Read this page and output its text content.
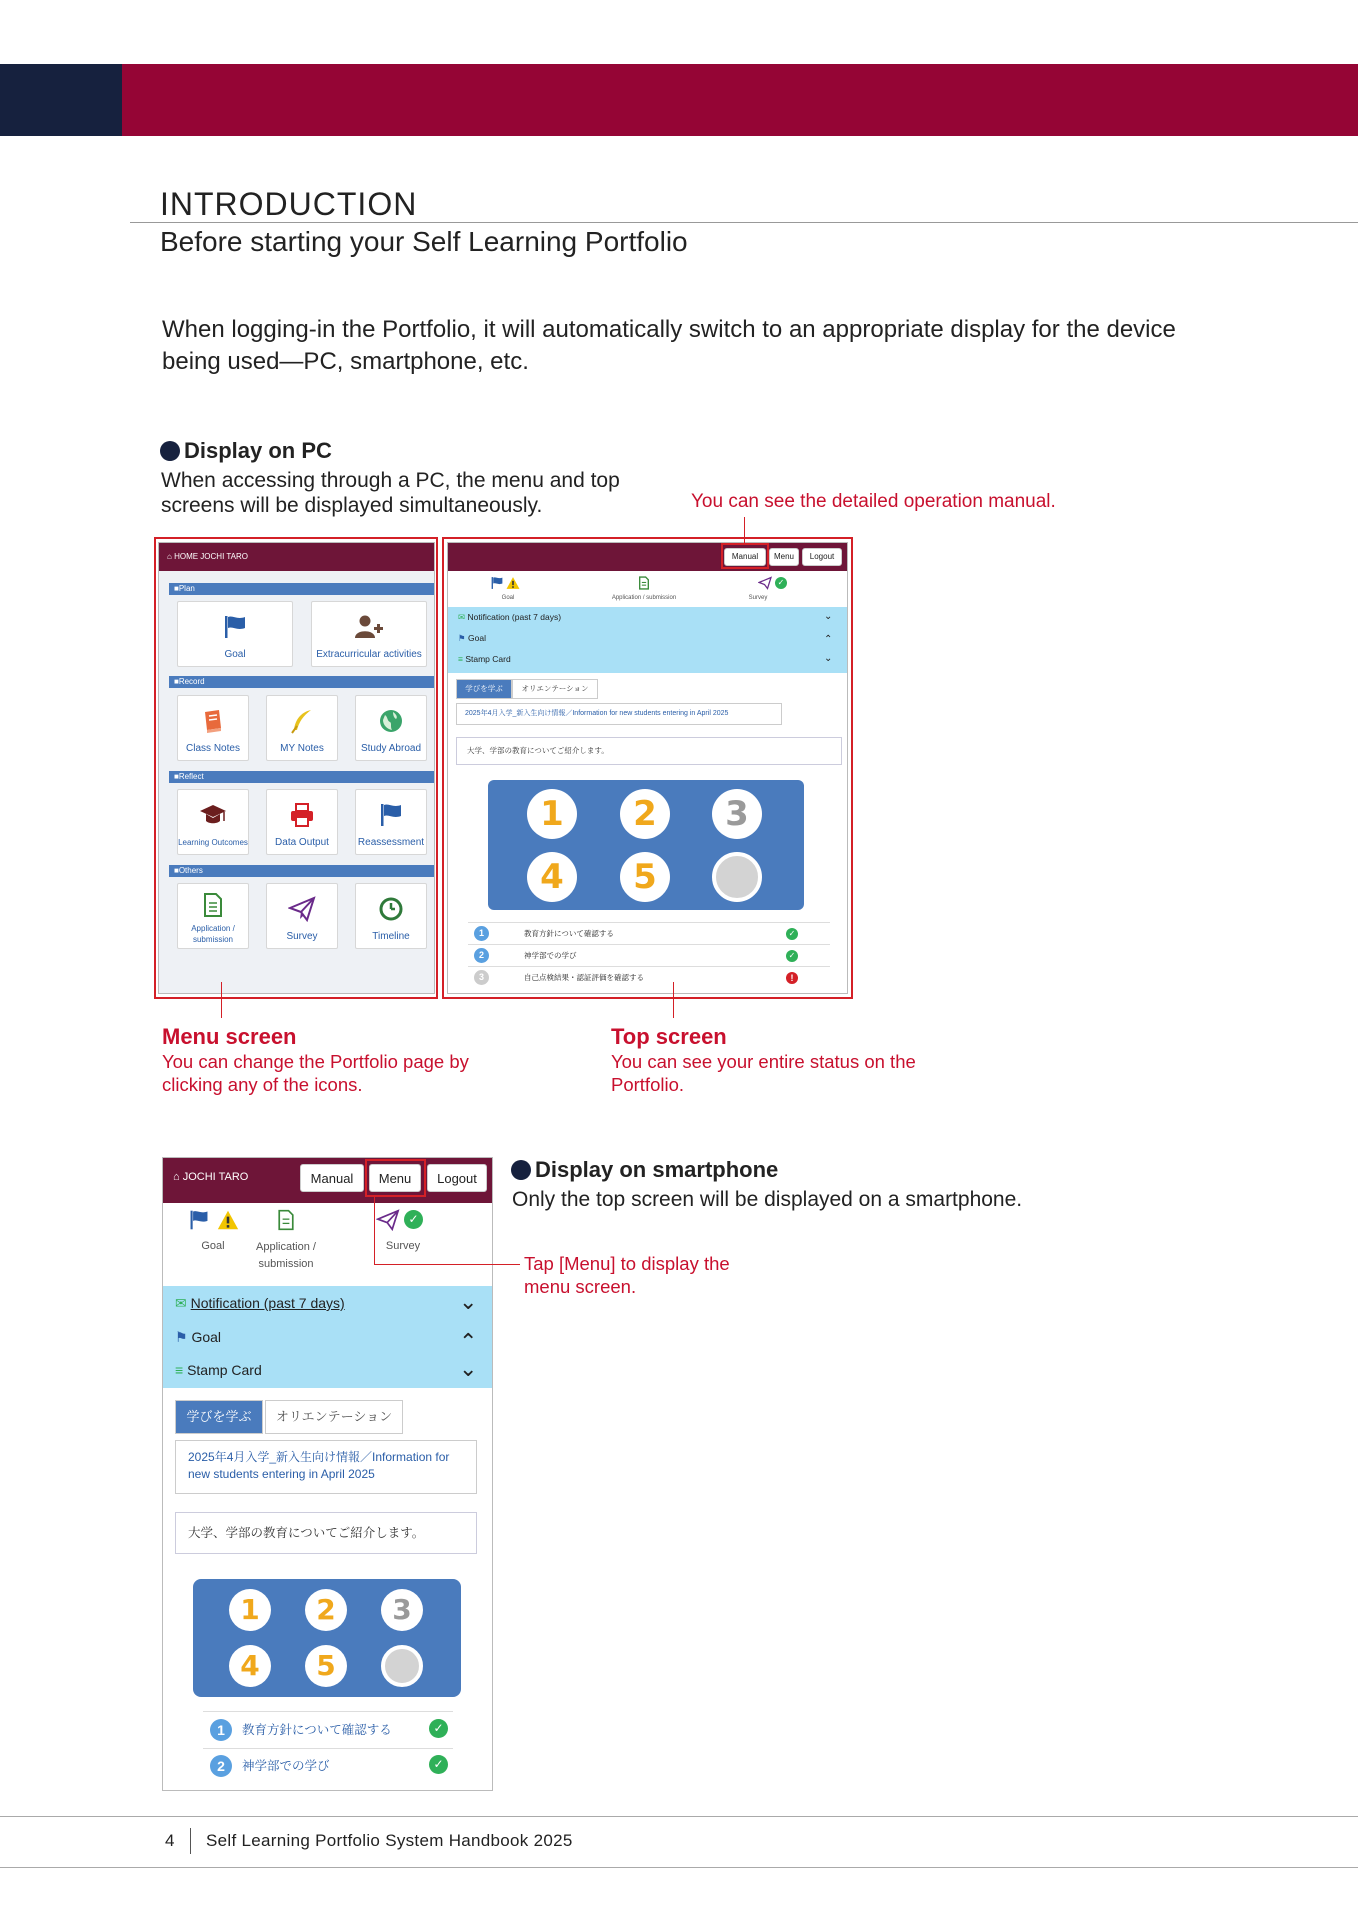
INTRODUCTION
Before starting your Self Learning Portfolio
When logging-in the Portfolio, it will automatically switch to an appropriate display for the device being used—PC, smartphone, etc.
Display on PC
When accessing through a PC, the menu and top screens will be displayed simultaneously.	You can see the detailed operation manual.
⌂ HOME JOCHI TARO
■Plan
■Record
■Reflect
■Others
Goal	Extracurricular activities
Class Notes	MY Notes	Study Abroad
Learning Outcomes	Data Output	Reassessment
Application / submission	Survey	Timeline
Manual	Menu	Logout
Goal	Application / submission
✓
Survey
✉ Notification (past 7 days)	⌄
⚑ Goal	⌃
≡ Stamp Card	⌄
学びを学ぶ	オリエンテーション
2025年4月入学_新入生向け情報／Information for new students entering in April 2025
大学、学部の教育についてご紹介します。
1	2	3
4	5
1	教育方針について確認する	✓
2	神学部での学び	✓
3	自己点検結果・認証評価を確認する	!
Menu screen
You can change the Portfolio page by clicking any of the icons.
Top screen
You can see your entire status on the Portfolio.
Display on smartphone
Only the top screen will be displayed on a smartphone.
Tap [Menu] to display the menu screen.
⌂ JOCHI TARO	Manual	Menu	Logout
Goal	Application / submission
✓
Survey
✉ Notification (past 7 days)	⌄
⚑ Goal	⌃
≡ Stamp Card	⌄
学びを学ぶ	オリエンテーション
2025年4月入学_新入生向け情報／Information for new students entering in April 2025
大学、学部の教育についてご紹介します。
1	2	3
4	5
1	教育方針について確認する	✓
2	神学部での学び	✓
4 Self Learning Portfolio System Handbook 2025
